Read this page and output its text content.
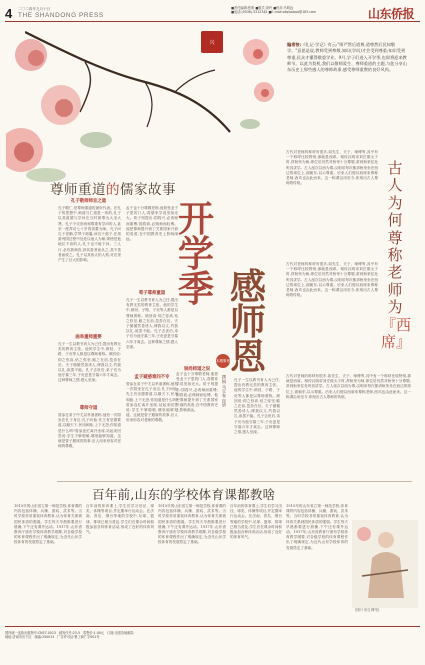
4 二〇二四年九月十日
THE SHANDONG PRESS	山东侨报
兴
■责任编辑:张明 ■版式:刘玲 ■校对:马明远
■电话:(0536)-5212345 ■E-mail:sdqiaobao@163.com
编者按:《礼记·学记》有云:"师严然后道尊,道尊然后民知敬学。"意思是说,教师受到尊敬,知识(学问)才会受到尊重;知识受到尊重,民众才懂得敬重学业。9月,学子们进入开学季,也即将迎来教师节。以此为契机,我们以敬师爱生、尊师重道的主题,与您分享山东历史上那些感人的尊师故事,感受尊师重教的良好风尚。
尊师重道的儒家故事
孔子敬师师言之道
孔子敬仁,是尊师重道的最好代表。在孔子的思想中,师道与仁道是一体的,孔子以其道德与学问在当时被尊为大圣大贤。孔子不仅崇尚和尊重有学问的人,甚至一度拜访七十岁的项橐为师。孔子问礼于老聃,学琴于师襄,问官于郯子,在周游列国过程中处处以他人为师,即使是他地位不高的人,孔子也不耻下问。三人行,必有我师焉,择其善者而从之,其不善者而改之。孔子以其伟大的人格,对后世产生了巨大的影响。
曲阜重师重要
孔子一生以教书育人为己任,提出有教无类的教育主张。他的学生中,颜回、子路、子贡等人都是以尊师著称。颜回说:仰之弥高,钻之弥坚,瞻之在前,忽焉在后。夫子循循然善诱人,博我以文,约我以礼,欲罢不能。孔子去世后,弟子们为他守墓三年,子贡更是守墓六年才离去。这种尊师之情,感人至深。
尊师守道
曾参在弟子中尤以孝道著称,他有一次陪坐在孔子身边,孔子问他:先王有至德要道,以顺天下,民用和睦,上下无怨,你知道是什么吗?曾参连忙离开坐席,站起来回答说:学生不够聪敏,哪里能够知道。这就是曾子避席的故事,后人用来形容对老师的尊敬。
孟子也十分尊敬老师,他曾受业于子思的门人,将儒家学说发扬光大。荀子则提出:国将兴,必贵师而重傅;国将衰,必贱师而轻傅。他把尊师提升到了关系国家兴衰的高度,在中国教育史上影响深远。
荀子尊师重道
孔子一生以教书育人为己任,提出有教无类的教育主张。他的学生中,颜回、子路、子贡等人都是以尊师著称。颜回说:仰之弥高,钻之弥坚,瞻之在前,忽焉在后。夫子循循然善诱人,博我以文,约我以礼,欲罢不能。孔子去世后,弟子们为他守墓三年,子贡更是守墓六年才离去。这种尊师之情,感人至深。
孟子疑惑难问不专
曾参在弟子中尤以孝道著称,他有一次陪坐在孔子身边,孔子问他:先王有至德要道,以顺天下,民用和睦,上下无怨,你知道是什么吗?曾参连忙离开坐席,站起来回答说:学生不够聪敏,哪里能够知道。这就是曾子避席的故事,后人用来形容对老师的尊敬。
开学季 感师恩
本期策划
撰稿 马宝春 崔妍
孟子也十分尊敬老师,他曾受业于子思的门人,将儒家学说发扬光大。荀子则提出:国将兴,必贵师而重傅;国将衰,必贱师而轻傅。他把尊师提升到了关系国家兴衰的高度,在中国教育史上影响深远。
崇尚师道之说
孔子一生以教书育人为己任,提出有教无类的教育主张。他的学生中,颜回、子路、子贡等人都是以尊师著称。颜回说:仰之弥高,钻之弥坚,瞻之在前,忽焉在后。夫子循循然善诱人,博我以文,约我以礼,欲罢不能。孔子去世后,弟子们为他守墓三年,子贡更是守墓六年才离去。这种尊师之情,感人至深。
古人为何尊称
老师为
『西席』
古代对老师的称呼有很多,如先生、夫子、师傅等,其中有一个称呼比较特别,那就是西席。相传汉明帝刘庄做太子时,拜桓荣为师,即位后仍然对桓荣十分尊敬,常到桓荣住处听其讲学。古人座次以西为尊,汉明帝每次都请桓荣坐在西边的席位上,面朝东,以示尊重。后来人们便以西席来尊称老师,西宾也由此而来。这一称谓沿用至今,体现出古人尊师的传统。
古代对老师的称呼有很多,如先生、夫子、师傅等,其中有一个称呼比较特别,那就是西席。相传汉明帝刘庄做太子时,拜桓荣为师,即位后仍然对桓荣十分尊敬,常到桓荣住处听其讲学。古人座次以西为尊,汉明帝每次都请桓荣坐在西边的席位上,面朝东,以示尊重。后来人们便以西席来尊称老师,西宾也由此而来。这一称谓沿用至今,体现出古人尊师的传统。
古代对老师的称呼有很多,如先生、夫子、师傅等,其中有一个称呼比较特别,那就是西席。相传汉明帝刘庄做太子时,拜桓荣为师,即位后仍然对桓荣十分尊敬,常到桓荣住处听其讲学。古人座次以西为尊,汉明帝每次都请桓荣坐在西边的席位上,面朝东,以示尊重。后来人们便以西席来尊称老师,西宾也由此而来。这一称谓沿用至今,体现出古人尊师的传统。
百年前,山东的学校体育课都教啥
1915年的山东省立第一师范学校,体育课的内容包括体操、兵操、游戏、武术等。当时学校非常重视体育教育,认为体育关系到国民体质的强弱。学生每天早晨都要进行晨操,下午还有课外运动。1917年,山东省教育厅颁布学校体育教学纲要,对各级学校的体育课程作出了明确规定,为近代山东学校体育的发展奠定了基础。
百年前的体育课上,学生们学习田径、球类、体操等项目,并定期举行运动会。在济南、青岛、烟台等地的学校中,足球、篮球、排球已相当普及,学生们在课余时间积极参加各种体育活动,形成了良好的体育风气。
1915年的山东省立第一师范学校,体育课的内容包括体操、兵操、游戏、武术等。当时学校非常重视体育教育,认为体育关系到国民体质的强弱。学生每天早晨都要进行晨操,下午还有课外运动。1917年,山东省教育厅颁布学校体育教学纲要,对各级学校的体育课程作出了明确规定,为近代山东学校体育的发展奠定了基础。
百年前的体育课上,学生们学习田径、球类、体操等项目,并定期举行运动会。在济南、青岛、烟台等地的学校中,足球、篮球、排球已相当普及,学生们在课余时间积极参加各种体育活动,形成了良好的体育风气。
1915年的山东省立第一师范学校,体育课的内容包括体操、兵操、游戏、武术等。当时学校非常重视体育教育,认为体育关系到国民体质的强弱。学生每天早晨都要进行晨操,下午还有课外运动。1917年,山东省教育厅颁布学校体育教学纲要,对各级学校的体育课程作出了明确规定,为近代山东学校体育的发展奠定了基础。
(图片来自网络)
国内统一连续出版物号:CN37-0013 邮发代号:23-5 零售价:1.00元 订阅:全国各地邮局
地址:济南市历下区 邮编:250013 广告许可证:鲁工商广字001号
